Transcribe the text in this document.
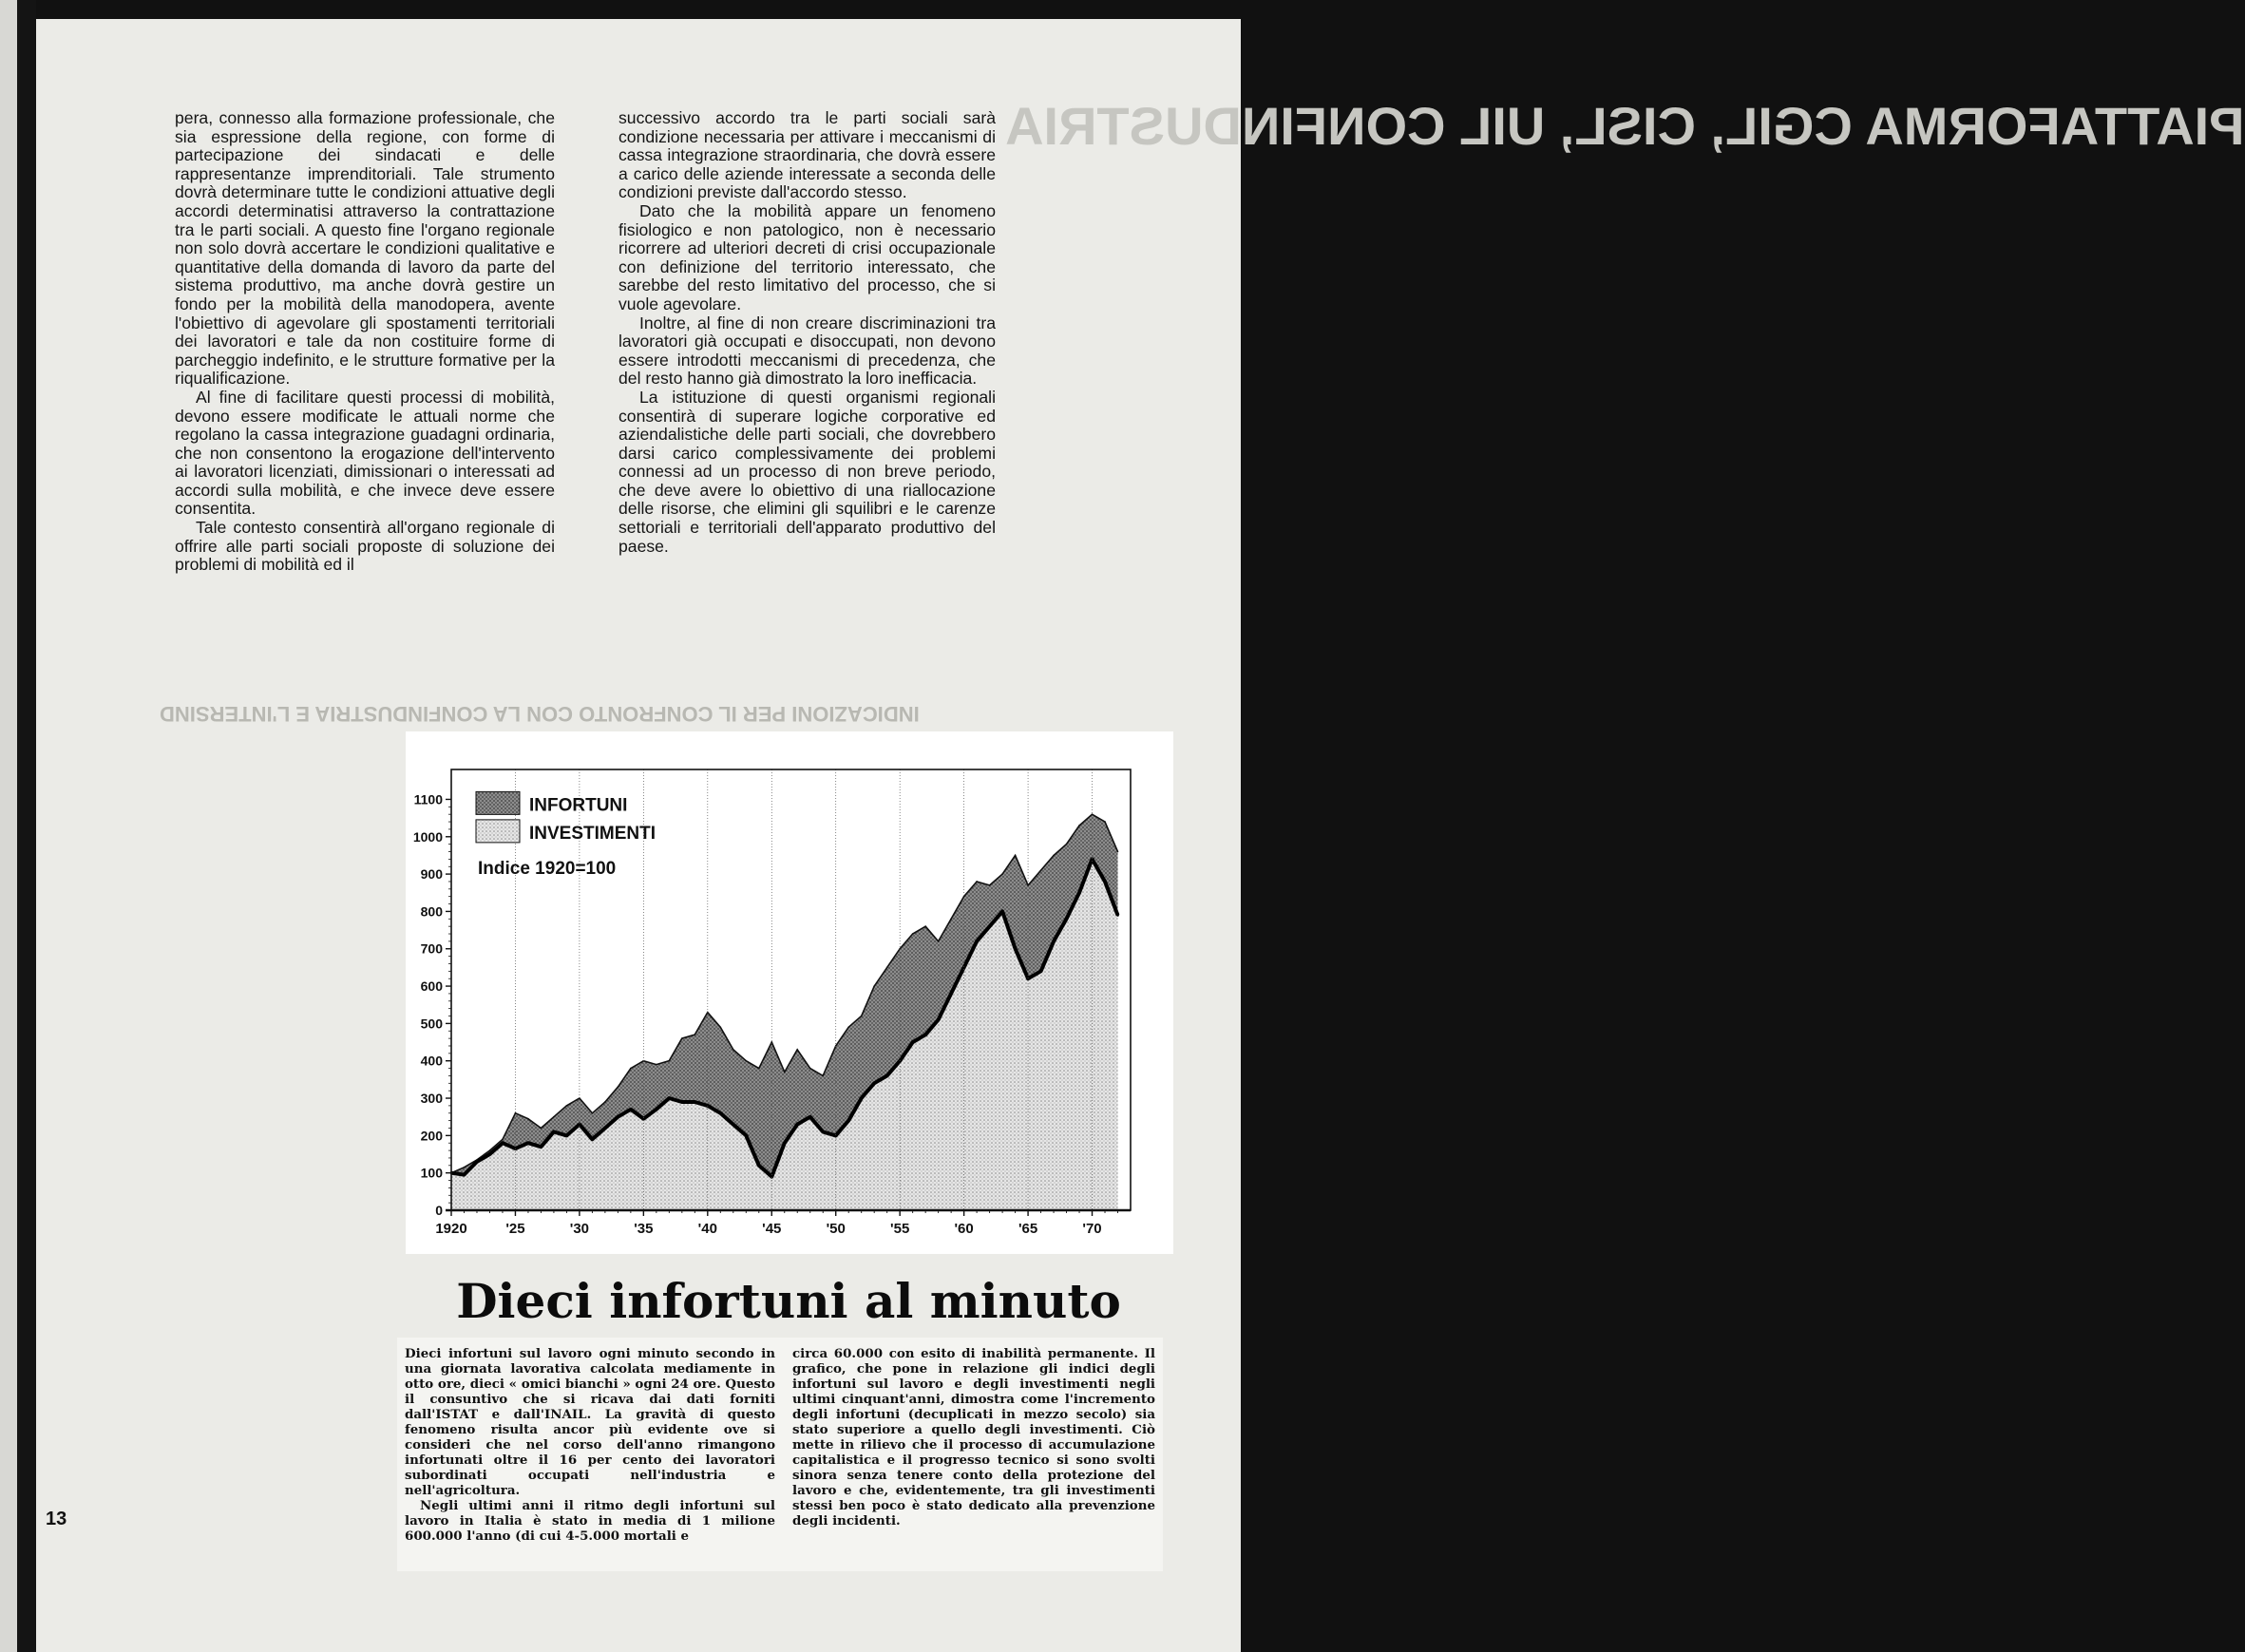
PIATTAFORMA CGIL, CISL, UIL CONFINDUSTRIA
INDICAZIONI PER IL CONFRONTO CON LA CONFINDUSTRIA E L'INTERSIND

pera, connesso alla formazione professionale, che sia espressione della regione, con forme di partecipazione dei sindacati e delle rappresentanze imprenditoriali. Tale strumento dovrà determinare tutte le condizioni attuative degli accordi determinatisi attraverso la contrattazione tra le parti sociali. A questo fine l'organo regionale non solo dovrà accertare le condizioni qualitative e quantitative della domanda di lavoro da parte del sistema produttivo, ma anche dovrà gestire un fondo per la mobilità della manodopera, avente l'obiettivo di agevolare gli spostamenti territoriali dei lavoratori e tale da non costituire forme di parcheggio indefinito, e le strutture formative per la riqualificazione.

Al fine di facilitare questi processi di mobilità, devono essere modificate le attuali norme che regolano la cassa integrazione guadagni ordinaria, che non consentono la erogazione dell'intervento ai lavoratori licenziati, dimissionari o interessati ad accordi sulla mobilità, e che invece deve essere consentita.

Tale contesto consentirà all'organo regionale di offrire alle parti sociali proposte di soluzione dei problemi di mobilità ed il

successivo accordo tra le parti sociali sarà condizione necessaria per attivare i meccanismi di cassa integrazione straordinaria, che dovrà essere a carico delle aziende interessate a seconda delle condizioni previste dall'accordo stesso.

Dato che la mobilità appare un fenomeno fisiologico e non patologico, non è necessario ricorrere ad ulteriori decreti di crisi occupazionale con definizione del territorio interessato, che sarebbe del resto limitativo del processo, che si vuole agevolare.

Inoltre, al fine di non creare discriminazioni tra lavoratori già occupati e disoccupati, non devono essere introdotti meccanismi di precedenza, che del resto hanno già dimostrato la loro inefficacia.

La istituzione di questi organismi regionali consentirà di superare logiche corporative ed aziendalistiche delle parti sociali, che dovrebbero darsi carico complessivamente dei problemi connessi ad un processo di non breve periodo, che deve avere lo obiettivo di una riallocazione delle risorse, che elimini gli squilibri e le carenze settoriali e territoriali dell'apparato produttivo del paese.

0
100
200
300
400
500
600
700
800
900
1000
1100
1920	'25	'30	'35	'40	'45	'50	'55	'60	'65	'70
INFORTUNI
INVESTIMENTI
Indice 1920=100
Dieci infortuni al minuto

Dieci infortuni sul lavoro ogni minuto secondo in una giornata lavorativa calcolata mediamente in otto ore, dieci « omici bianchi » ogni 24 ore. Questo il consuntivo che si ricava dai dati forniti dall'ISTAT e dall'INAIL. La gravità di questo fenomeno risulta ancor più evidente ove si consideri che nel corso dell'anno rimangono infortunati oltre il 16 per cento dei lavoratori subordinati occupati nell'industria e nell'agricoltura.

Negli ultimi anni il ritmo degli infortuni sul lavoro in Italia è stato in media di 1 milione 600.000 l'anno (di cui 4-5.000 mortali e

circa 60.000 con esito di inabilità permanente. Il grafico, che pone in relazione gli indici degli infortuni sul lavoro e degli investimenti negli ultimi cinquant'anni, dimostra come l'incremento degli infortuni (decuplicati in mezzo secolo) sia stato superiore a quello degli investimenti. Ciò mette in rilievo che il processo di accumulazione capitalistica e il progresso tecnico si sono svolti sinora senza tenere conto della protezione del lavoro e che, evidentemente, tra gli investimenti stessi ben poco è stato dedicato alla prevenzione degli incidenti.

13
